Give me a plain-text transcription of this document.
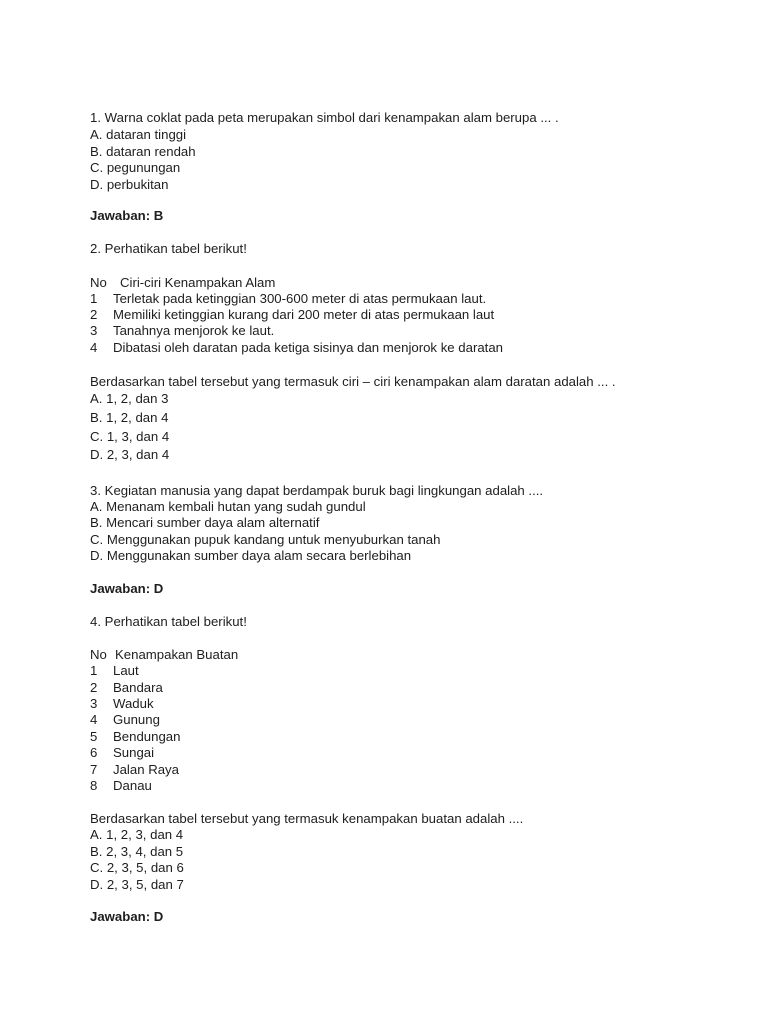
1. Warna coklat pada peta merupakan simbol dari kenampakan alam berupa ... .
A. dataran tinggi
B. dataran rendah
C. pegunungan
D. perbukitan
Jawaban: B
2. Perhatikan tabel berikut!
No Ciri-ciri Kenampakan Alam
1 Terletak pada ketinggian 300-600 meter di atas permukaan laut.
2 Memiliki ketinggian kurang dari 200 meter di atas permukaan laut
3 Tanahnya menjorok ke laut.
4 Dibatasi oleh daratan pada ketiga sisinya dan menjorok ke daratan
Berdasarkan tabel tersebut yang termasuk ciri – ciri kenampakan alam daratan adalah ... .
A. 1, 2, dan 3
B. 1, 2, dan 4
C. 1, 3, dan 4
D. 2, 3, dan 4
3. Kegiatan manusia yang dapat berdampak buruk bagi lingkungan adalah ....
A. Menanam kembali hutan yang sudah gundul
B. Mencari sumber daya alam alternatif
C. Menggunakan pupuk kandang untuk menyuburkan tanah
D. Menggunakan sumber daya alam secara berlebihan
Jawaban: D
4. Perhatikan tabel berikut!
No Kenampakan Buatan
1 Laut
2 Bandara
3 Waduk
4 Gunung
5 Bendungan
6 Sungai
7 Jalan Raya
8 Danau
Berdasarkan tabel tersebut yang termasuk kenampakan buatan adalah ....
A. 1, 2, 3, dan 4
B. 2, 3, 4, dan 5
C. 2, 3, 5, dan 6
D. 2, 3, 5, dan 7
Jawaban: D
